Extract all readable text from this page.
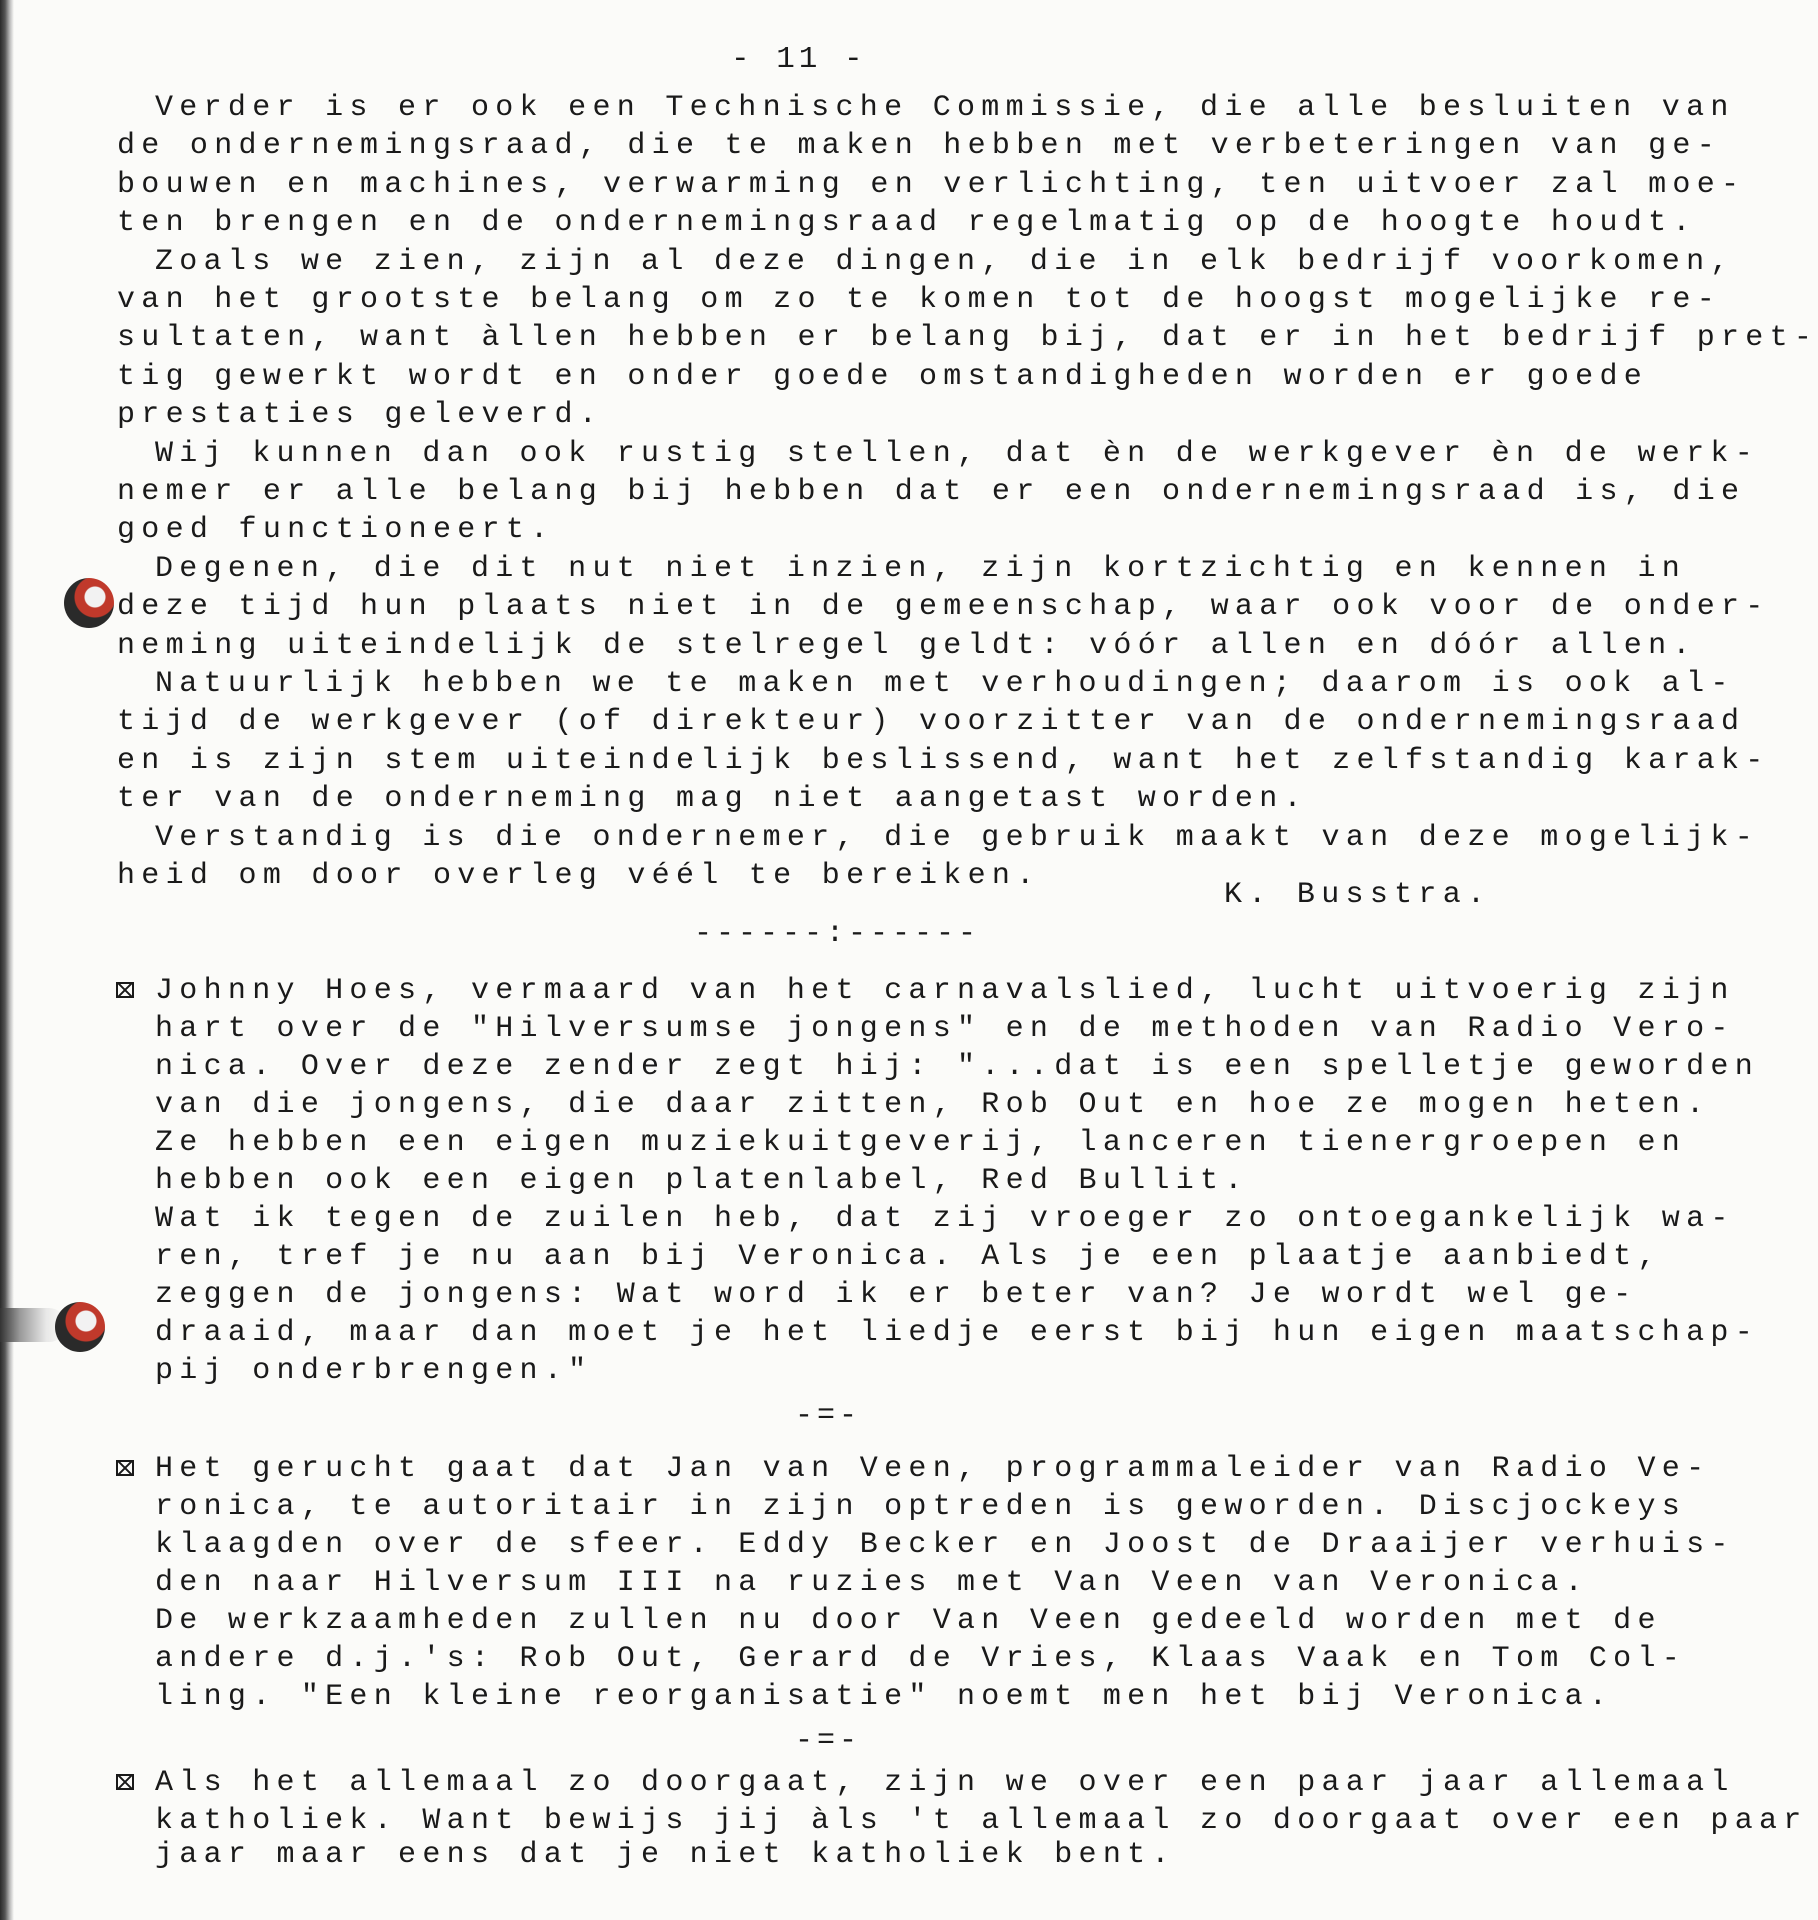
- 11 -
Verder is er ook een Technische Commissie, die alle besluiten van
de ondernemingsraad, die te maken hebben met verbeteringen van ge-
bouwen en machines, verwarming en verlichting, ten uitvoer zal moe-
ten brengen en de ondernemingsraad regelmatig op de hoogte houdt.
Zoals we zien, zijn al deze dingen, die in elk bedrijf voorkomen,
van het grootste belang om zo te komen tot de hoogst mogelijke re-
sultaten, want àllen hebben er belang bij, dat er in het bedrijf pret-
tig gewerkt wordt en onder goede omstandigheden worden er goede
prestaties geleverd.
Wij kunnen dan ook rustig stellen, dat èn de werkgever èn de werk-
nemer er alle belang bij hebben dat er een ondernemingsraad is, die
goed functioneert.
Degenen, die dit nut niet inzien, zijn kortzichtig en kennen in
deze tijd hun plaats niet in de gemeenschap, waar ook voor de onder-
neming uiteindelijk de stelregel geldt: vóór allen en dóór allen.
Natuurlijk hebben we te maken met verhoudingen; daarom is ook al-
tijd de werkgever (of direkteur) voorzitter van de ondernemingsraad
en is zijn stem uiteindelijk beslissend, want het zelfstandig karak-
ter van de onderneming mag niet aangetast worden.
Verstandig is die ondernemer, die gebruik maakt van deze mogelijk-
heid om door overleg véél te bereiken.
K. Busstra.
------:------
Johnny Hoes, vermaard van het carnavalslied, lucht uitvoerig zijn
hart over de "Hilversumse jongens" en de methoden van Radio Vero-
nica. Over deze zender zegt hij: "...dat is een spelletje geworden
van die jongens, die daar zitten, Rob Out en hoe ze mogen heten.
Ze hebben een eigen muziekuitgeverij, lanceren tienergroepen en
hebben ook een eigen platenlabel, Red Bullit.
Wat ik tegen de zuilen heb, dat zij vroeger zo ontoegankelijk wa-
ren, tref je nu aan bij Veronica. Als je een plaatje aanbiedt,
zeggen de jongens: Wat word ik er beter van? Je wordt wel ge-
draaid, maar dan moet je het liedje eerst bij hun eigen maatschap-
pij onderbrengen."
-=-
Het gerucht gaat dat Jan van Veen, programmaleider van Radio Ve-
ronica, te autoritair in zijn optreden is geworden. Discjockeys
klaagden over de sfeer. Eddy Becker en Joost de Draaijer verhuis-
den naar Hilversum III na ruzies met Van Veen van Veronica.
De werkzaamheden zullen nu door Van Veen gedeeld worden met de
andere d.j.'s: Rob Out, Gerard de Vries, Klaas Vaak en Tom Col-
ling. "Een kleine reorganisatie" noemt men het bij Veronica.
-=-
Als het allemaal zo doorgaat, zijn we over een paar jaar allemaal
katholiek. Want bewijs jij àls 't allemaal zo doorgaat over een paar
jaar maar eens dat je niet katholiek bent.
